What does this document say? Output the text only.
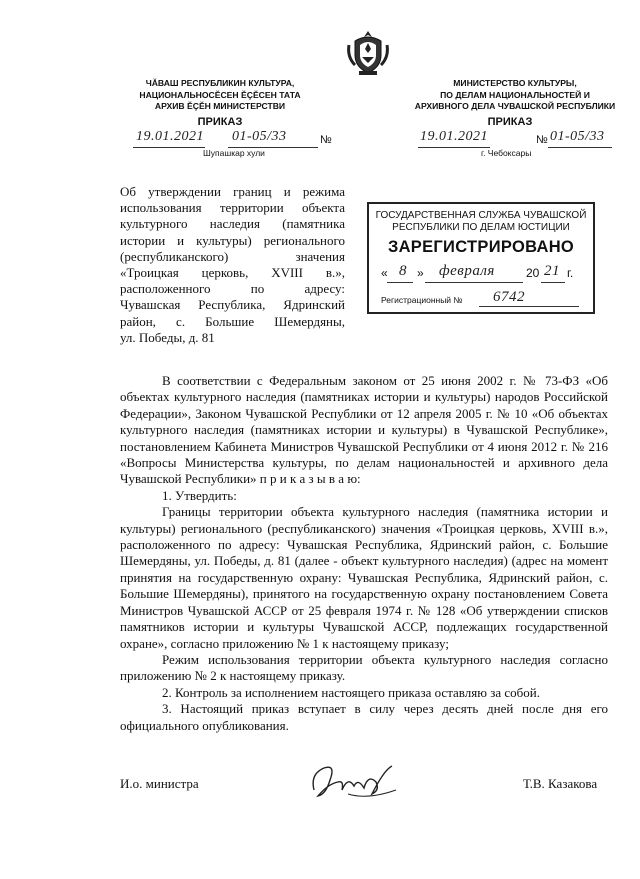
ЧĂВАШ РЕСПУБЛИКИН КУЛЬТУРА,
НАЦИОНАЛЬНОСĔСЕН ĔÇĔСЕН ТАТА
АРХИВ ĔÇĔН МИНИСТЕРСТВИ
ПРИКАЗ
19.01.2021 01-05/33	№
Шупашкар хули
МИНИСТЕРСТВО КУЛЬТУРЫ,
ПО ДЕЛАМ НАЦИОНАЛЬНОСТЕЙ И
АРХИВНОГО ДЕЛА ЧУВАШСКОЙ РЕСПУБЛИКИ
ПРИКАЗ
19.01.2021	№ 01-05/33
г. Чебоксары
Об утверждении границ и режима
использования территории объекта
культурного наследия (памятника
истории и культуры) регионального
(республиканского) значения
«Троицкая церковь, XVIII в.»,
расположенного по адресу:
Чувашская Республика, Ядринский
район, с. Большие Шемердяны,
ул. Победы, д. 81
ГОСУДАРСТВЕННАЯ СЛУЖБА ЧУВАШСКОЙ
РЕСПУБЛИКИ ПО ДЕЛАМ ЮСТИЦИИ
ЗАРЕГИСТРИРОВАНО
« 8 » февраля	20 21 г.
Регистрационный № 6742

В соответствии с Федеральным законом от 25 июня 2002 г. № 73-ФЗ «Об объектах культурного наследия (памятниках истории и культуры) народов Российской Федерации», Законом Чувашской Республики от 12 апреля 2005 г. № 10 «Об объектах культурного наследия (памятниках истории и культуры) в Чувашской Республике», постановлением Кабинета Министров Чувашской Республики от 4 июня 2012 г. № 216 «Вопросы Министерства культуры, по делам национальностей и архивного дела Чувашской Республики» п р и к а з ы в а ю:

1. Утвердить:

Границы территории объекта культурного наследия (памятника истории и культуры) регионального (республиканского) значения «Троицкая церковь, XVIII в.», расположенного по адресу: Чувашская Республика, Ядринский район, с. Большие Шемердяны, ул. Победы, д. 81 (далее - объект культурного наследия) (адрес на момент принятия на государственную охрану: Чувашская Республика, Ядринский район, с. Большие Шемердяны), принятого на государственную охрану постановлением Совета Министров Чувашской АССР от 25 февраля 1974 г. № 128 «Об утверждении списков памятников истории и культуры Чувашской АССР, подлежащих государственной охране», согласно приложению № 1 к настоящему приказу;

Режим использования территории объекта культурного наследия согласно приложению № 2 к настоящему приказу.

2. Контроль за исполнением настоящего приказа оставляю за собой.

3. Настоящий приказ вступает в силу через десять дней после дня его официального опубликования.

И.о. министра	Т.В. Казакова
